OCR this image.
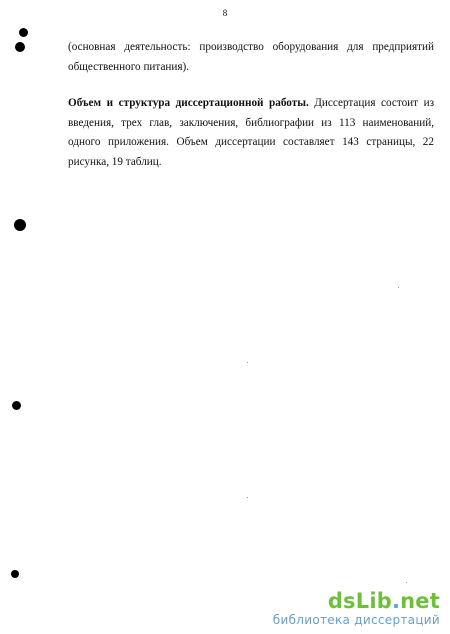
8
(основная деятельность: производство оборудования для предприятий общественного питания).
Объем и структура диссертационной работы. Диссертация состоит из введения, трех глав, заключения, библиографии из 113 наименований, одного приложения. Объем диссертации составляет 143 страницы, 22 рисунка, 19 таблиц.
dsLib.net
библиотека диссертаций
